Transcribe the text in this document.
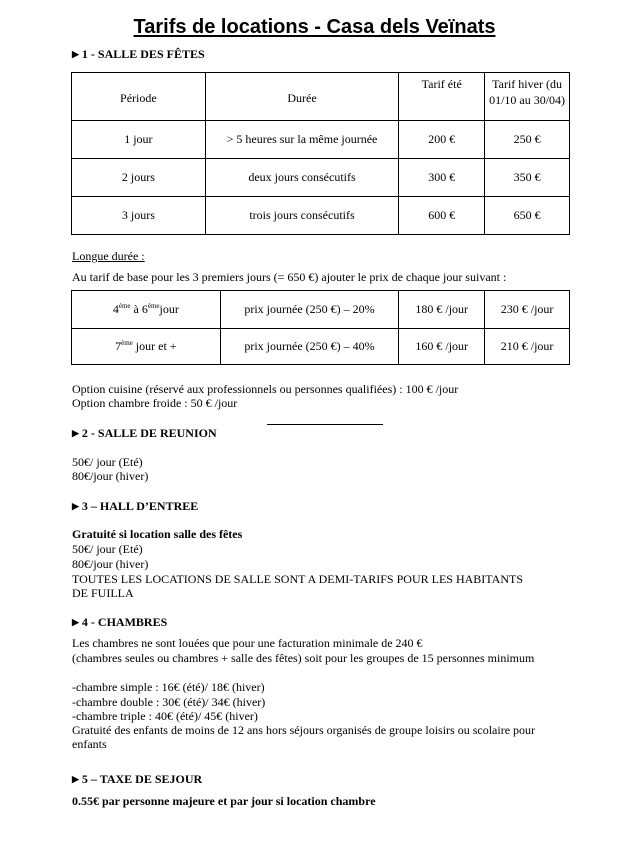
Tarifs de locations - Casa dels Veïnats
▶ 1 - SALLE DES FÊTES
Période	Durée	Tarif été	Tarif hiver (du 01/10 au 30/04)
1 jour	> 5 heures sur la même journée	200 €	250 €
2 jours	deux jours consécutifs	300 €	350 €
3 jours	trois jours consécutifs	600 €	650 €
Longue durée :
Au tarif de base pour les 3 premiers jours (= 650 €) ajouter le prix de chaque jour suivant :
4ème à 6èmejour	prix journée (250 €) – 20%	180 € /jour	230 € /jour
7ème jour et +	prix journée (250 €) – 40%	160 € /jour	210 € /jour
Option cuisine (réservé aux professionnels ou personnes qualifiées) : 100 € /jour
Option chambre froide : 50 € /jour
▶ 2 - SALLE DE REUNION
50€/ jour (Eté)
80€/jour (hiver)
▶ 3 – HALL D’ENTREE
Gratuité si location salle des fêtes
50€/ jour (Eté)
80€/jour (hiver)
TOUTES LES LOCATIONS DE SALLE SONT A DEMI-TARIFS POUR LES HABITANTS
DE FUILLA
▶ 4 - CHAMBRES
Les chambres ne sont louées que pour une facturation minimale de 240 €
(chambres seules ou chambres + salle des fêtes) soit pour les groupes de 15 personnes minimum
-chambre simple : 16€ (été)/ 18€ (hiver)
-chambre double : 30€ (été)/ 34€ (hiver)
-chambre triple : 40€ (été)/ 45€ (hiver)
Gratuité des enfants de moins de 12 ans hors séjours organisés de groupe loisirs ou scolaire pour
enfants
▶ 5 – TAXE DE SEJOUR
0.55€ par personne majeure et par jour si location chambre
